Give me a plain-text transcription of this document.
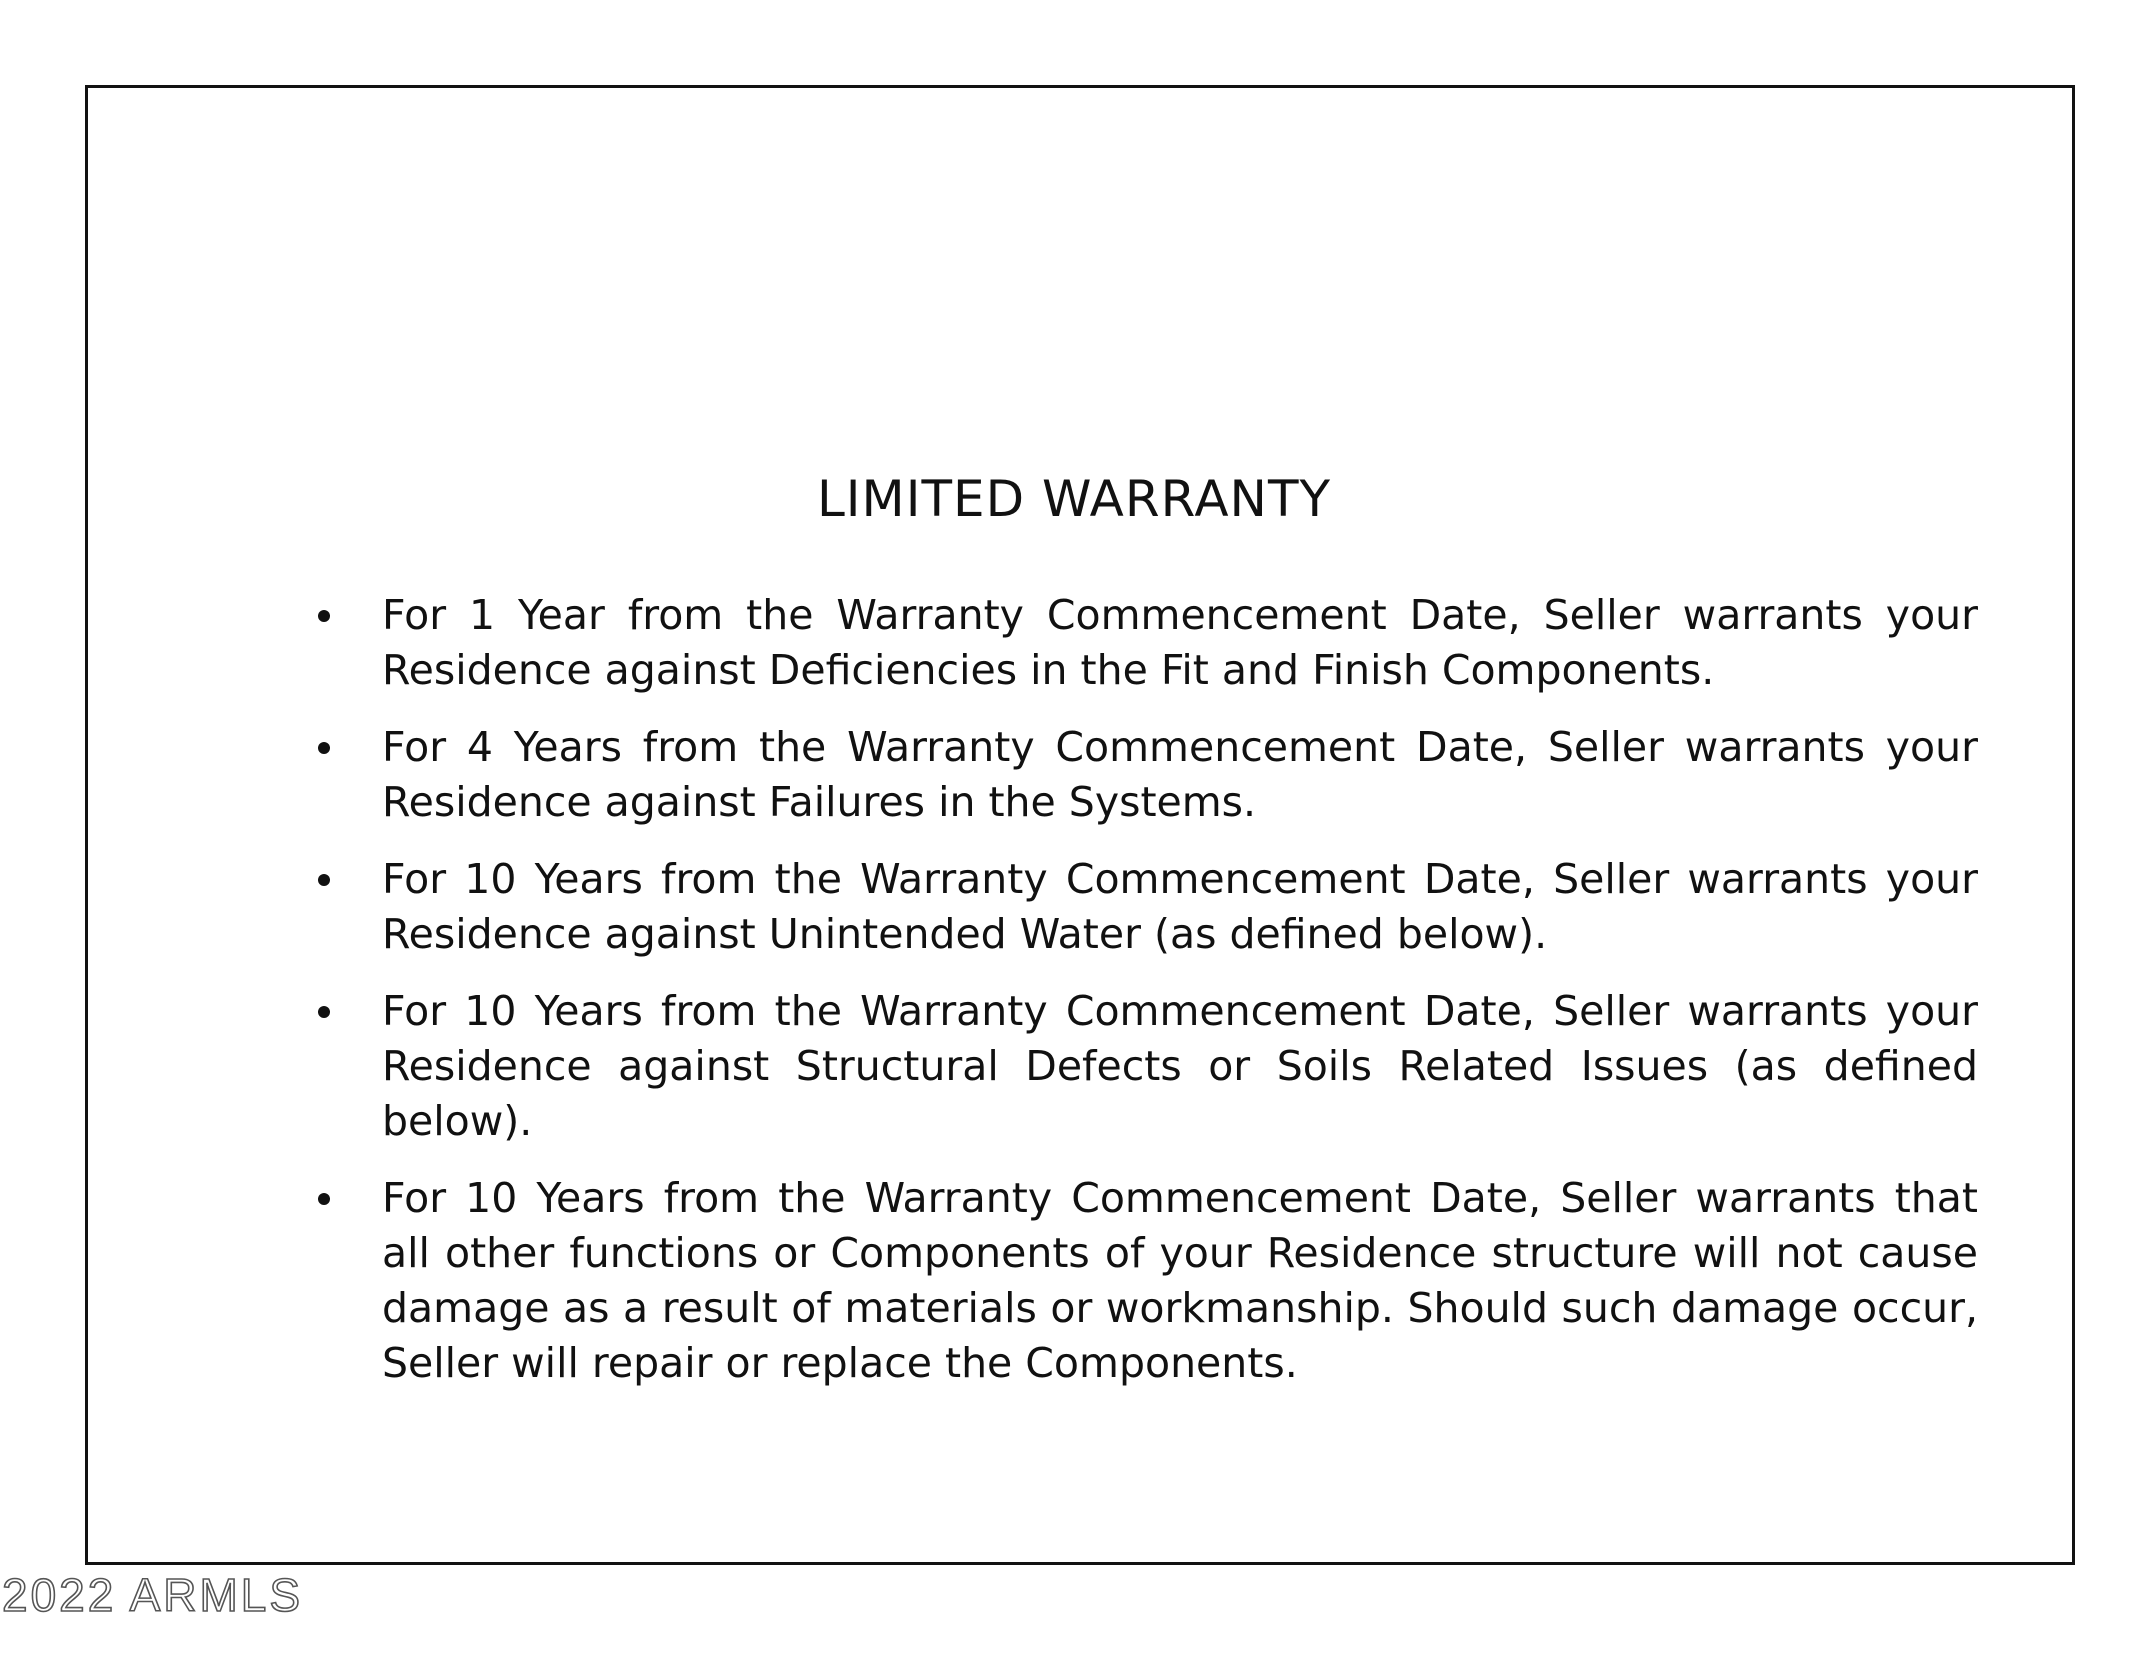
LIMITED WARRANTY
For 1 Year from the Warranty Commencement Date, Seller warrants your Residence against Deficiencies in the Fit and Finish Components.
For 4 Years from the Warranty Commencement Date, Seller warrants your Residence against Failures in the Systems.
For 10 Years from the Warranty Commencement Date, Seller warrants your Residence against Unintended Water (as defined below).
For 10 Years from the Warranty Commencement Date, Seller warrants your Residence against Structural Defects or Soils Related Issues (as defined below).
For 10 Years from the Warranty Commencement Date, Seller warrants that all other functions or Components of your Residence structure will not cause damage as a result of materials or workmanship. Should such damage occur, Seller will repair or replace the Components.
2022 ARMLS
